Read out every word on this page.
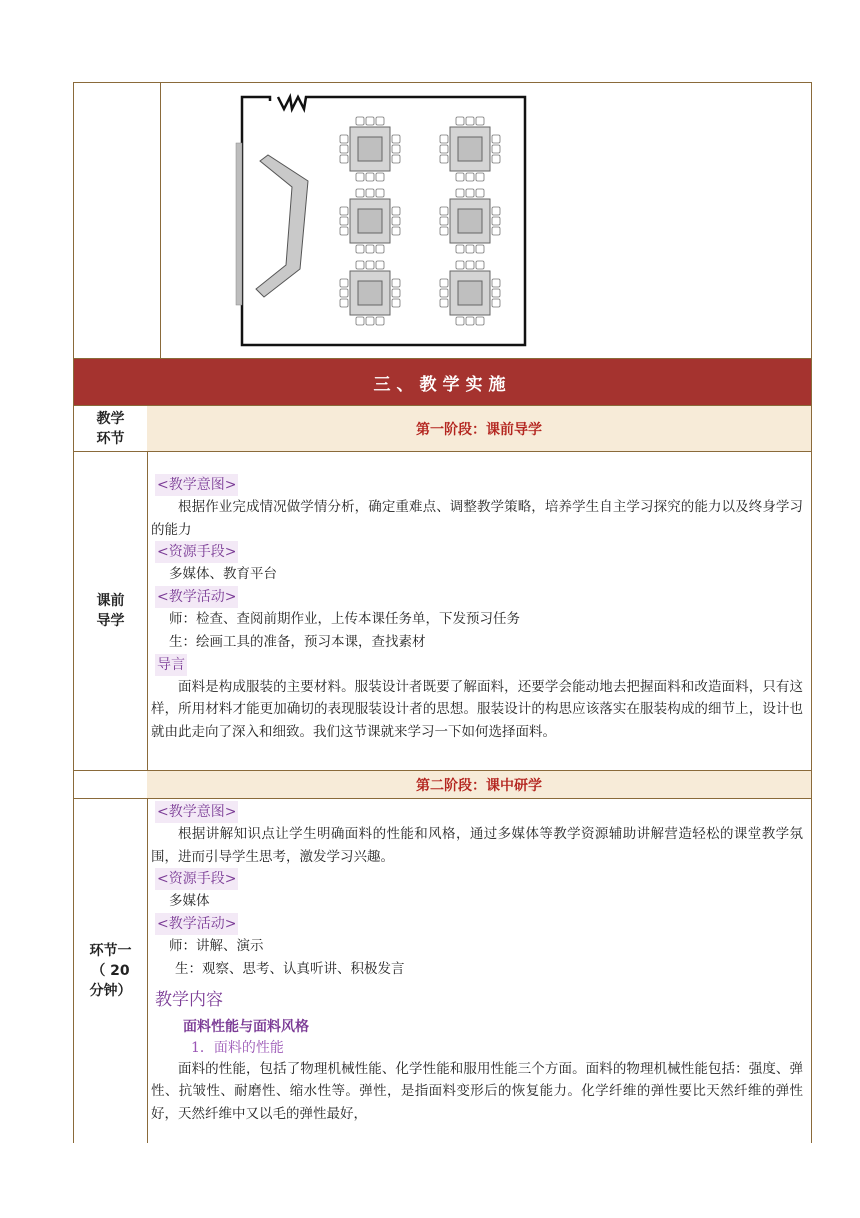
三、教学实施
教学
环节
第一阶段：课前导学
课前
导学
<教学意图>
根据作业完成情况做学情分析，确定重难点、调整教学策略，培养学生自主学习探究的能力以及终身学习的能力
<资源手段>
多媒体、教育平台
<教学活动>
师：检查、查阅前期作业，上传本课任务单，下发预习任务
生：绘画工具的准备，预习本课，查找素材
导言
面料是构成服装的主要材料。服装设计者既要了解面料，还要学会能动地去把握面料和改造面料，只有这样，所用材料才能更加确切的表现服装设计者的思想。服装设计的构思应该落实在服装构成的细节上，设计也就由此走向了深入和细致。我们这节课就来学习一下如何选择面料。
第二阶段：课中研学
环节一
（ 20
分钟）
<教学意图>
根据讲解知识点让学生明确面料的性能和风格，通过多媒体等教学资源辅助讲解营造轻松的课堂教学氛围，进而引导学生思考，激发学习兴趣。
<资源手段>
多媒体
<教学活动>
师：讲解、演示
生：观察、思考、认真听讲、积极发言
教学内容
面料性能与面料风格
1．面料的性能
面料的性能，包括了物理机械性能、化学性能和服用性能三个方面。面料的物理机械性能包括：强度、弹性、抗皱性、耐磨性、缩水性等。弹性，是指面料变形后的恢复能力。化学纤维的弹性要比天然纤维的弹性好，天然纤维中又以毛的弹性最好，
